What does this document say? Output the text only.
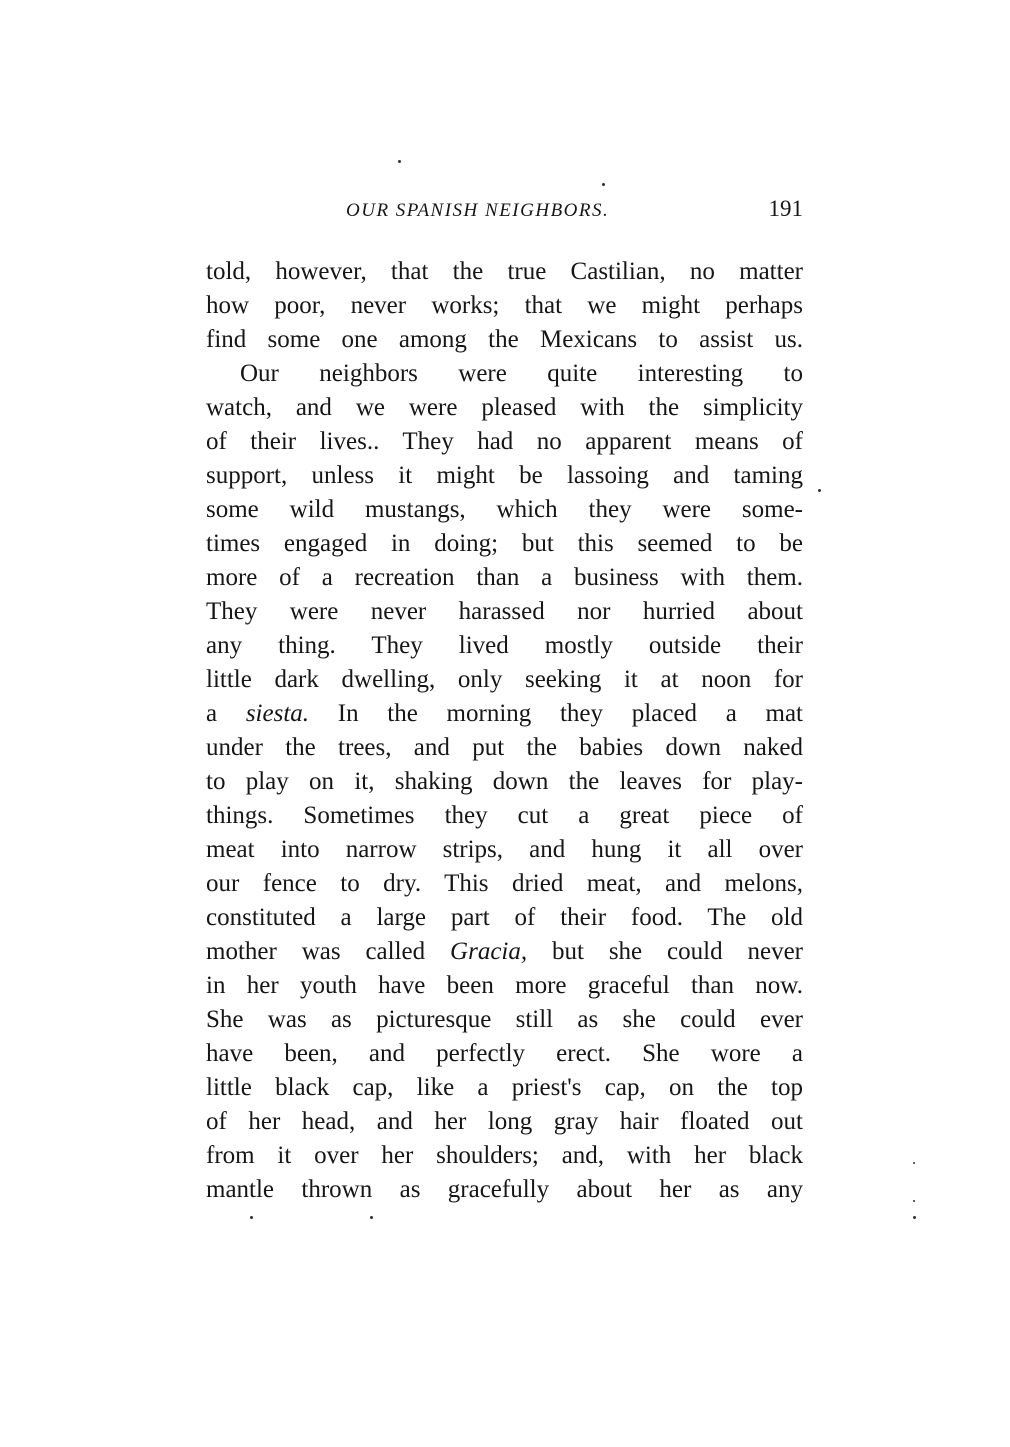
OUR SPANISH NEIGHBORS.	191
told, however, that the true Castilian, no matter
how poor, never works; that we might perhaps
find some one among the Mexicans to assist us.
Our neighbors were quite interesting to
watch, and we were pleased with the simplicity
of their lives.. They had no apparent means of
support, unless it might be lassoing and taming
some wild mustangs, which they were some-
times engaged in doing; but this seemed to be
more of a recreation than a business with them.
They were never harassed nor hurried about
any thing. They lived mostly outside their
little dark dwelling, only seeking it at noon for
a siesta. In the morning they placed a mat
under the trees, and put the babies down naked
to play on it, shaking down the leaves for play-
things. Sometimes they cut a great piece of
meat into narrow strips, and hung it all over
our fence to dry. This dried meat, and melons,
constituted a large part of their food. The old
mother was called Gracia, but she could never
in her youth have been more graceful than now.
She was as picturesque still as she could ever
have been, and perfectly erect. She wore a
little black cap, like a priest's cap, on the top
of her head, and her long gray hair floated out
from it over her shoulders; and, with her black
mantle thrown as gracefully about her as any
